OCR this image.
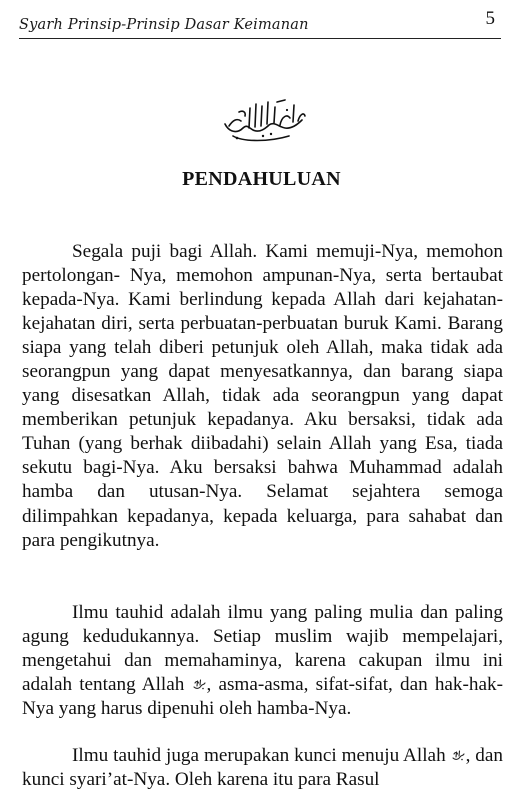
Syarh Prinsip-Prinsip Dasar Keimanan	5
PENDAHULUAN

Segala puji bagi Allah. Kami memuji-Nya, memohon pertolongan- Nya, memohon ampunan-Nya, serta bertaubat kepada-Nya. Kami berlindung kepada Allah dari kejahatan-kejahatan diri, serta perbuatan-perbuatan buruk Kami. Barang siapa yang telah diberi petunjuk oleh Allah, maka tidak ada seorangpun yang dapat menyesatkannya, dan barang siapa yang disesatkan Allah, tidak ada seorangpun yang dapat memberikan petunjuk kepadanya. Aku bersaksi, tidak ada Tuhan (yang berhak diibadahi) selain Allah yang Esa, tiada sekutu bagi-Nya. Aku bersaksi bahwa Muhammad adalah hamba dan utusan-Nya. Selamat sejahtera semoga dilimpahkan kepadanya, kepada keluarga, para sahabat dan para pengikutnya.

Ilmu tauhid adalah ilmu yang paling mulia dan paling agung kedudukannya. Setiap muslim wajib mempelajari, mengetahui dan memahaminya, karena cakupan ilmu ini adalah tentang Allah , asma-asma, sifat-sifat, dan hak-hak-Nya yang harus dipenuhi oleh hamba-Nya.

Ilmu tauhid juga merupakan kunci menuju Allah , dan kunci syari’at-Nya. Oleh karena itu para Rasul
